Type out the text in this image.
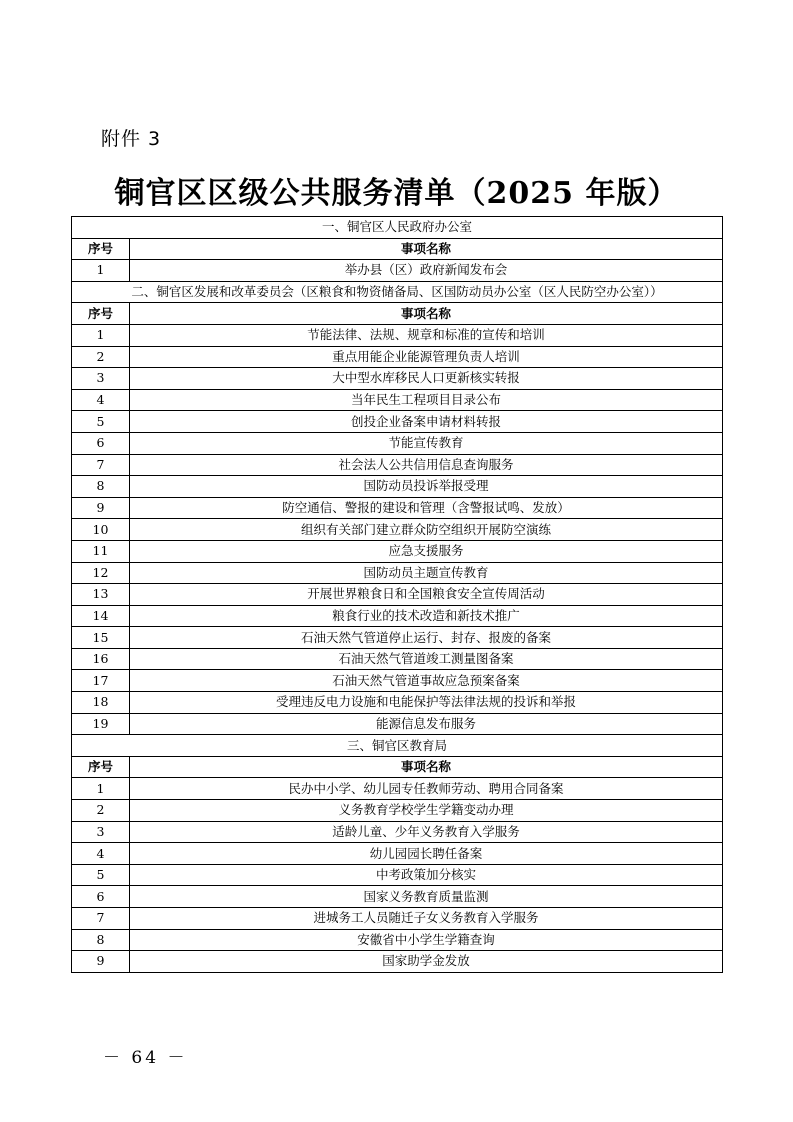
附件 3
铜官区区级公共服务清单（2025 年版）
一、铜官区人民政府办公室	
序号	事项名称
1	举办县（区）政府新闻发布会
二、铜官区发展和改革委员会（区粮食和物资储备局、区国防动员办公室（区人民防空办公室））	
序号	事项名称
1	节能法律、法规、规章和标准的宣传和培训
2	重点用能企业能源管理负责人培训
3	大中型水库移民人口更新核实转报
4	当年民生工程项目目录公布
5	创投企业备案申请材料转报
6	节能宣传教育
7	社会法人公共信用信息查询服务
8	国防动员投诉举报受理
9	防空通信、警报的建设和管理（含警报试鸣、发放）
10	组织有关部门建立群众防空组织开展防空演练
11	应急支援服务
12	国防动员主题宣传教育
13	开展世界粮食日和全国粮食安全宣传周活动
14	粮食行业的技术改造和新技术推广
15	石油天然气管道停止运行、封存、报废的备案
16	石油天然气管道竣工测量图备案
17	石油天然气管道事故应急预案备案
18	受理违反电力设施和电能保护等法律法规的投诉和举报
19	能源信息发布服务
三、铜官区教育局	
序号	事项名称
1	民办中小学、幼儿园专任教师劳动、聘用合同备案
2	义务教育学校学生学籍变动办理
3	适龄儿童、少年义务教育入学服务
4	幼儿园园长聘任备案
5	中考政策加分核实
6	国家义务教育质量监测
7	进城务工人员随迁子女义务教育入学服务
8	安徽省中小学生学籍查询
9	国家助学金发放
－ 64 －
